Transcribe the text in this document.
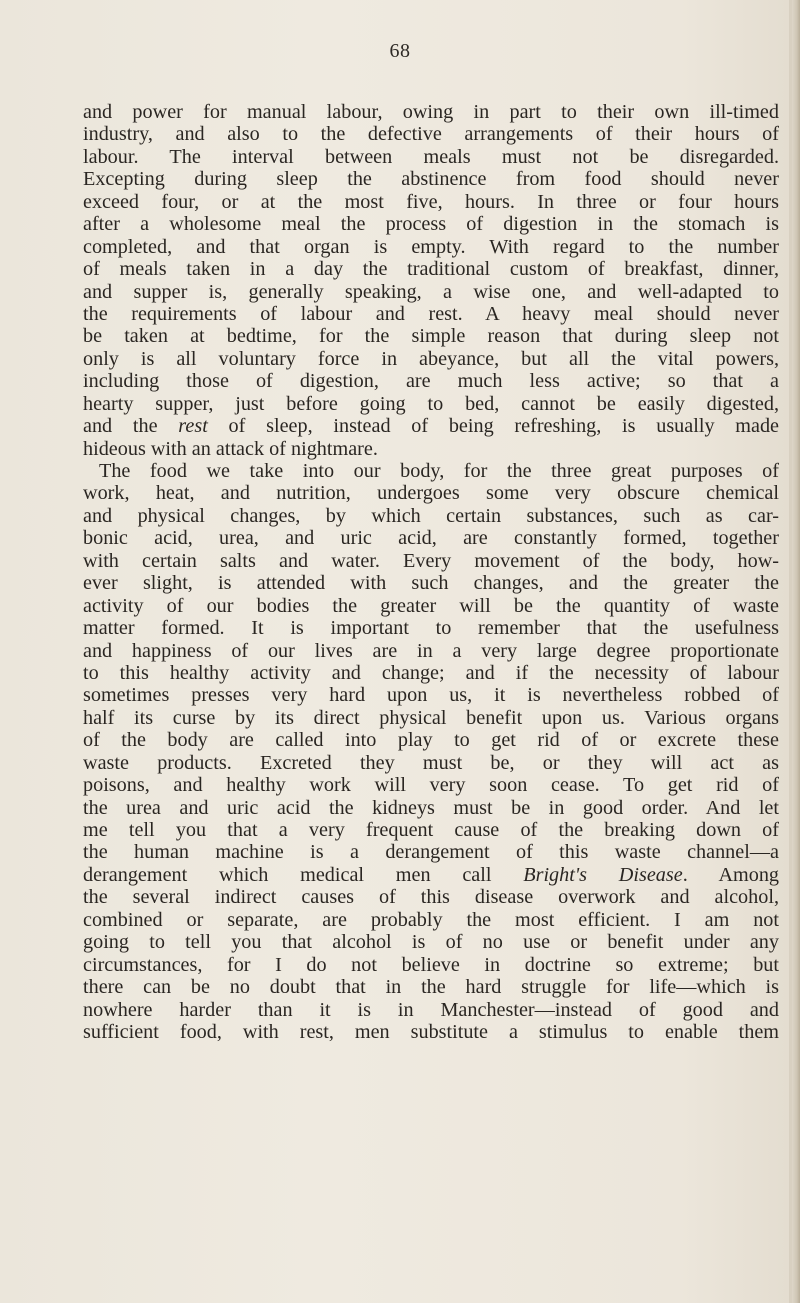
68
and power for manual labour, owing in part to their own ill-timed
industry, and also to the defective arrangements of their hours of
labour. The interval between meals must not be disregarded.
Excepting during sleep the abstinence from food should never
exceed four, or at the most five, hours. In three or four hours
after a wholesome meal the process of digestion in the stomach is
completed, and that organ is empty. With regard to the number
of meals taken in a day the traditional custom of breakfast, dinner,
and supper is, generally speaking, a wise one, and well-adapted to
the requirements of labour and rest. A heavy meal should never
be taken at bedtime, for the simple reason that during sleep not
only is all voluntary force in abeyance, but all the vital powers,
including those of digestion, are much less active; so that a
hearty supper, just before going to bed, cannot be easily digested,
and the rest of sleep, instead of being refreshing, is usually made
hideous with an attack of nightmare.
The food we take into our body, for the three great purposes of
work, heat, and nutrition, undergoes some very obscure chemical
and physical changes, by which certain substances, such as car-
bonic acid, urea, and uric acid, are constantly formed, together
with certain salts and water. Every movement of the body, how-
ever slight, is attended with such changes, and the greater the
activity of our bodies the greater will be the quantity of waste
matter formed. It is important to remember that the usefulness
and happiness of our lives are in a very large degree proportionate
to this healthy activity and change; and if the necessity of labour
sometimes presses very hard upon us, it is nevertheless robbed of
half its curse by its direct physical benefit upon us. Various organs
of the body are called into play to get rid of or excrete these
waste products. Excreted they must be, or they will act as
poisons, and healthy work will very soon cease. To get rid of
the urea and uric acid the kidneys must be in good order. And let
me tell you that a very frequent cause of the breaking down of
the human machine is a derangement of this waste channel—a
derangement which medical men call Bright's Disease. Among
the several indirect causes of this disease overwork and alcohol,
combined or separate, are probably the most efficient. I am not
going to tell you that alcohol is of no use or benefit under any
circumstances, for I do not believe in doctrine so extreme; but
there can be no doubt that in the hard struggle for life—which is
nowhere harder than it is in Manchester—instead of good and
sufficient food, with rest, men substitute a stimulus to enable them
